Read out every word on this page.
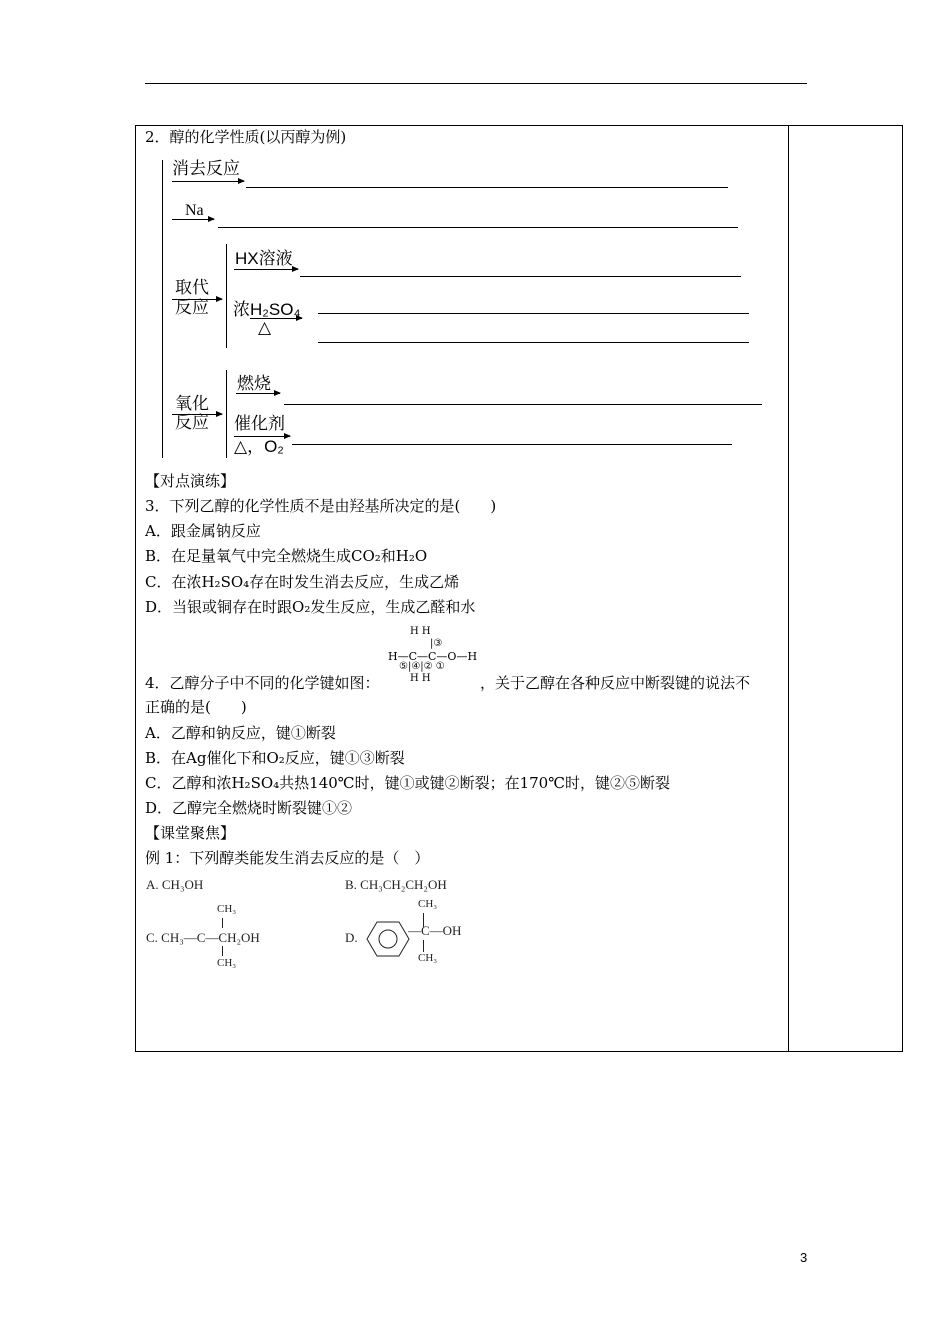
2．醇的化学性质(以丙醇为例)
消去反应
Na
取代
反应
HX溶液
浓H₂SO₄
△
氧化
反应
燃烧
催化剂
△，O₂
【对点演练】
3．下列乙醇的化学性质不是由羟基所决定的是(　　)
A．跟金属钠反应
B．在足量氧气中完全燃烧生成CO₂和H₂O
C．在浓H₂SO₄存在时发生消去反应，生成乙烯
D．当银或铜存在时跟O₂发生反应，生成乙醛和水
H H
|③
H—C—C—O—H
⑤|④|② ①
H H
4．乙醇分子中不同的化学键如图：	，关于乙醇在各种反应中断裂键的说法不
正确的是(　　)
A．乙醇和钠反应，键①断裂
B．在Ag催化下和O₂反应，键①③断裂
C．乙醇和浓H₂SO₄共热140℃时，键①或键②断裂；在170℃时，键②⑤断裂
D．乙醇完全燃烧时断裂键①②
【课堂聚焦】
例 1：下列醇类能发生消去反应的是（　）
A. CH₃OH	B. CH₃CH₂CH₂OH
CH₃
C. CH₃—C—CH₂OH
CH₃
D.
CH₃
—C—OH
CH₃
3
